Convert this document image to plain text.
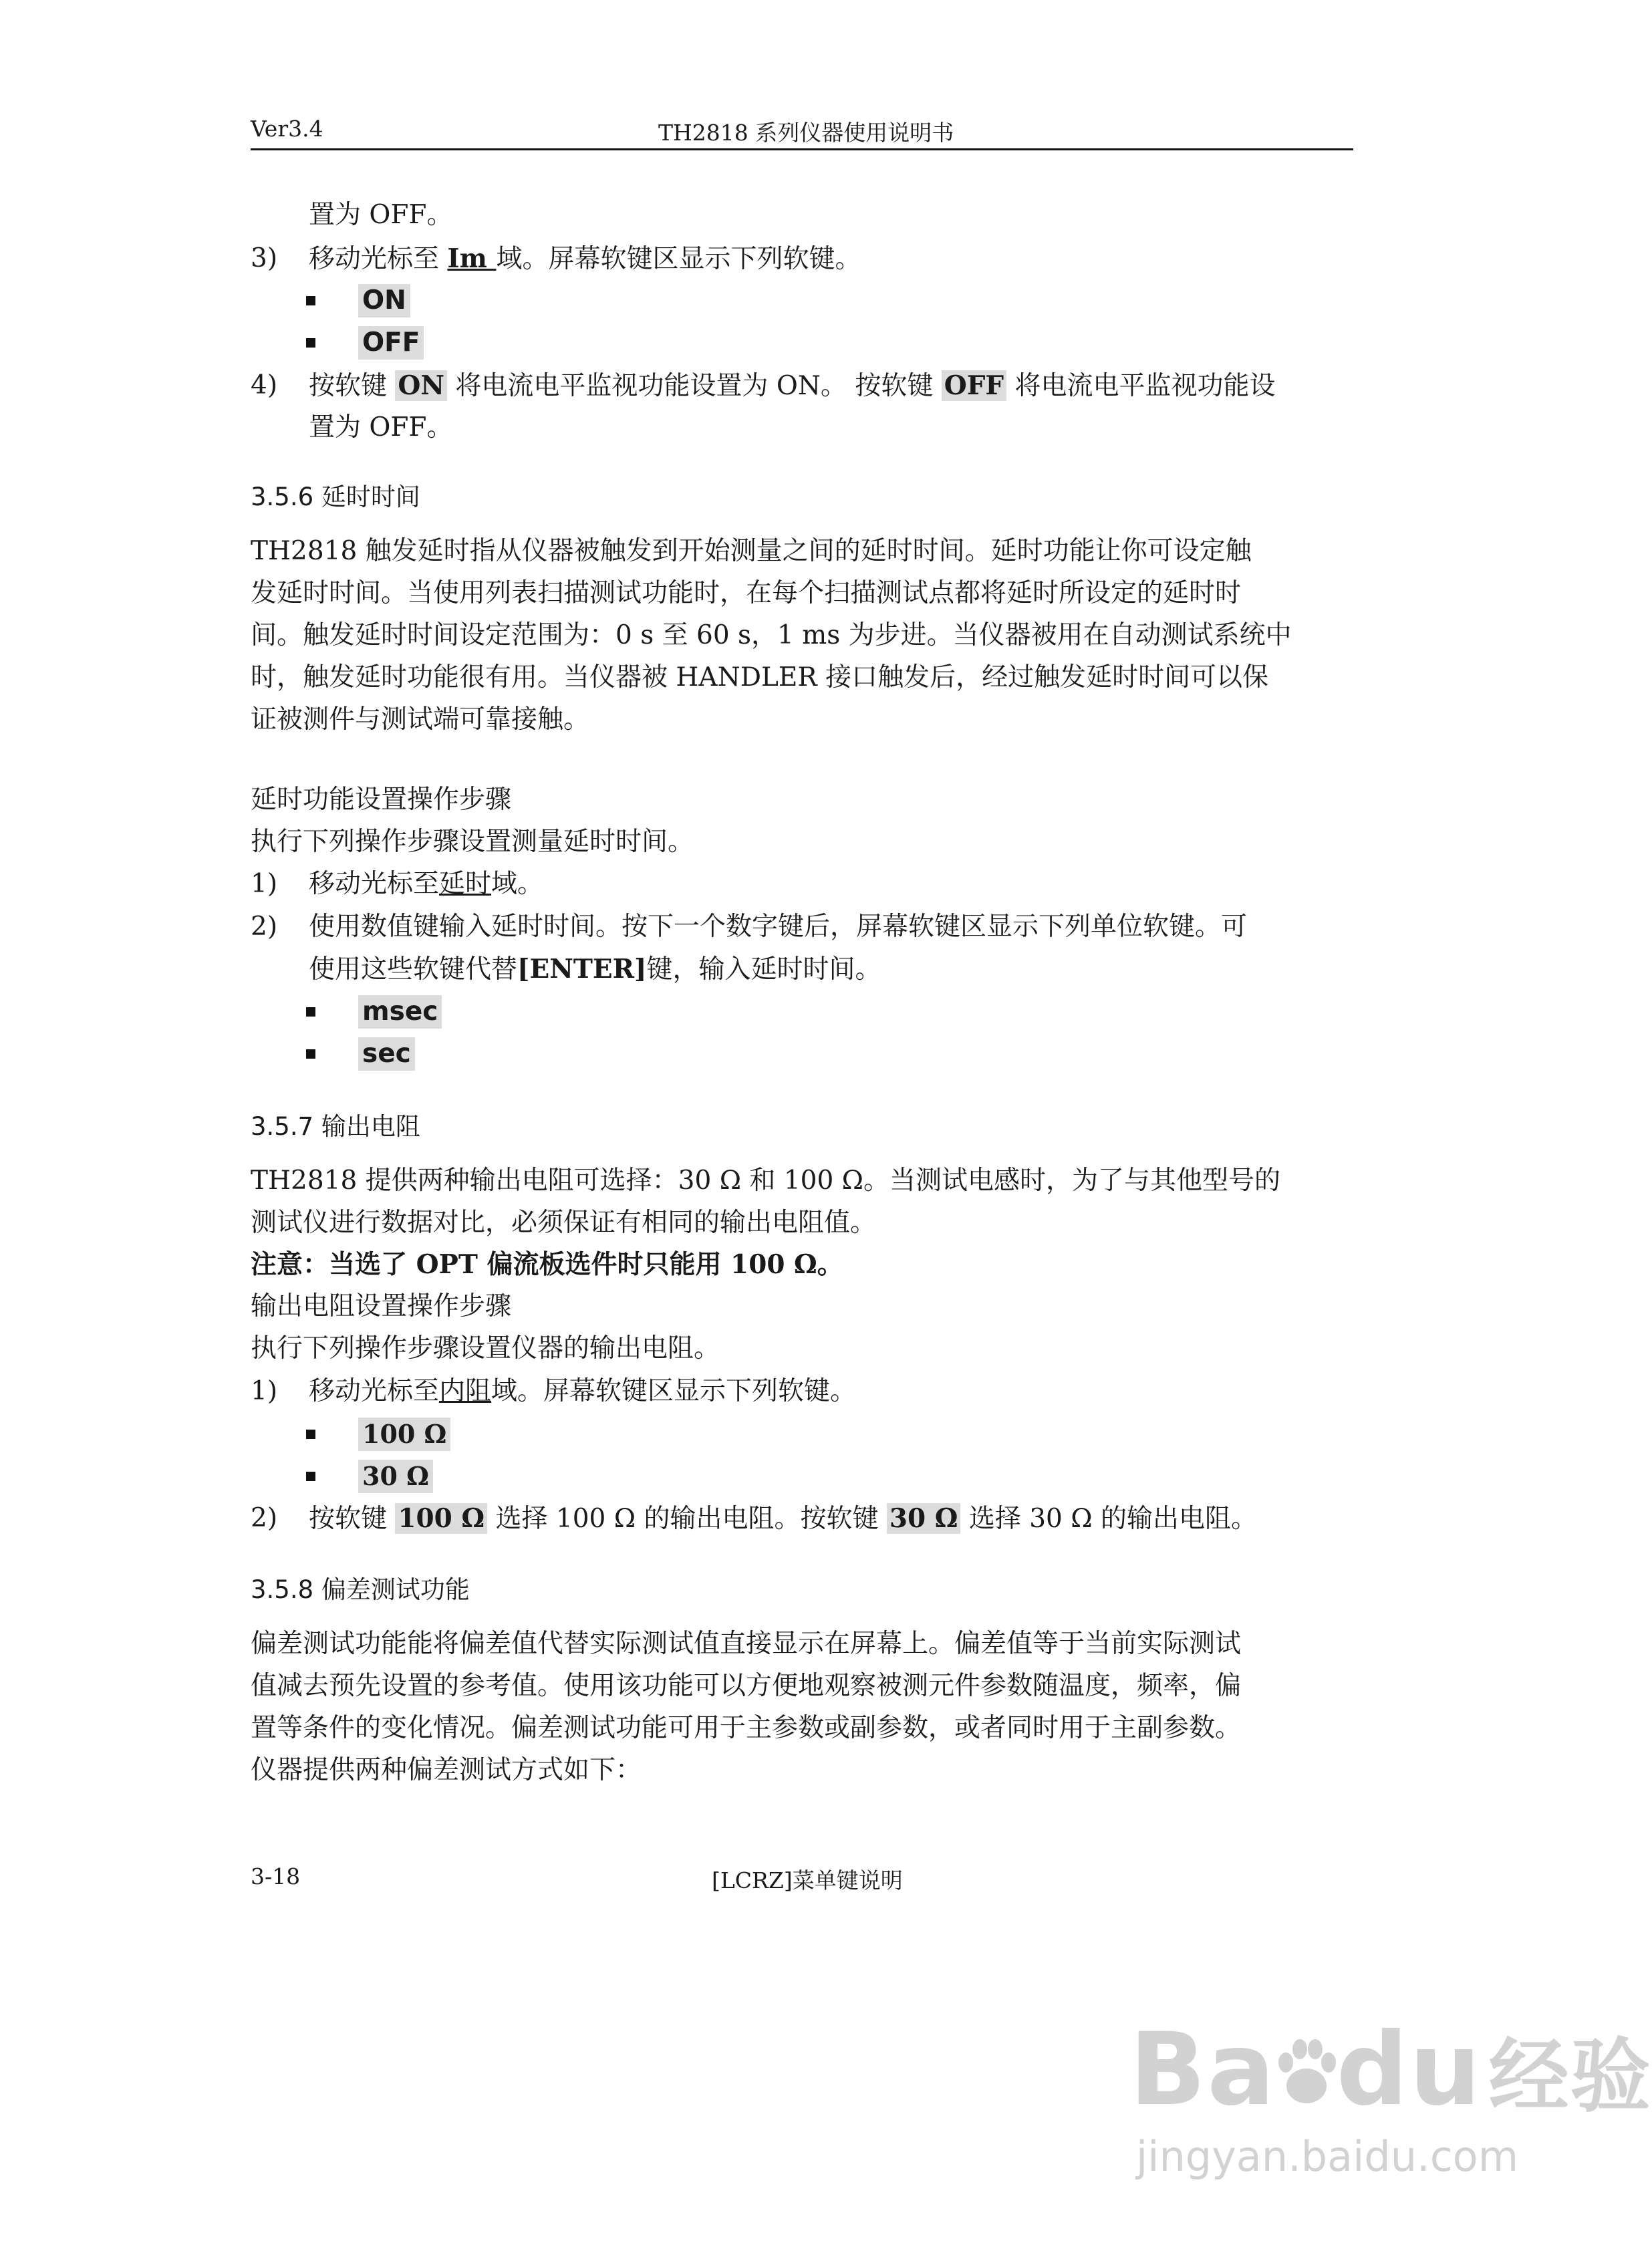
Ver3.4	TH2818 系列仪器使用说明书
置为 OFF。
3) 移动光标至 Im 域。屏幕软键区显示下列软键。
ON
OFF
4) 按软键 ON 将电流电平监视功能设置为 ON。 按软键 OFF 将电流电平监视功能设
置为 OFF。
3.5.6 延时时间
TH2818 触发延时指从仪器被触发到开始测量之间的延时时间。延时功能让你可设定触
发延时时间。当使用列表扫描测试功能时，在每个扫描测试点都将延时所设定的延时时
间。触发延时时间设定范围为：0 s 至 60 s，1 ms 为步进。当仪器被用在自动测试系统中
时，触发延时功能很有用。当仪器被 HANDLER 接口触发后，经过触发延时时间可以保
证被测件与测试端可靠接触。
延时功能设置操作步骤
执行下列操作步骤设置测量延时时间。
1) 移动光标至延时域。
2) 使用数值键输入延时时间。按下一个数字键后，屏幕软键区显示下列单位软键。可
使用这些软键代替[ENTER]键，输入延时时间。
msec
sec
3.5.7 输出电阻
TH2818 提供两种输出电阻可选择：30 Ω 和 100 Ω。当测试电感时，为了与其他型号的
测试仪进行数据对比，必须保证有相同的输出电阻值。
注意：当选了 OPT 偏流板选件时只能用 100 Ω。
输出电阻设置操作步骤
执行下列操作步骤设置仪器的输出电阻。
1) 移动光标至内阻域。屏幕软键区显示下列软键。
100 Ω
30 Ω
2) 按软键 100 Ω 选择 100 Ω 的输出电阻。按软键 30 Ω 选择 30 Ω 的输出电阻。
3.5.8 偏差测试功能
偏差测试功能能将偏差值代替实际测试值直接显示在屏幕上。偏差值等于当前实际测试
值减去预先设置的参考值。使用该功能可以方便地观察被测元件参数随温度，频率，偏
置等条件的变化情况。偏差测试功能可用于主参数或副参数，或者同时用于主副参数。
仪器提供两种偏差测试方式如下：
3-18	[LCRZ]菜单键说明
Ba du经验
jingyan.baidu.com
